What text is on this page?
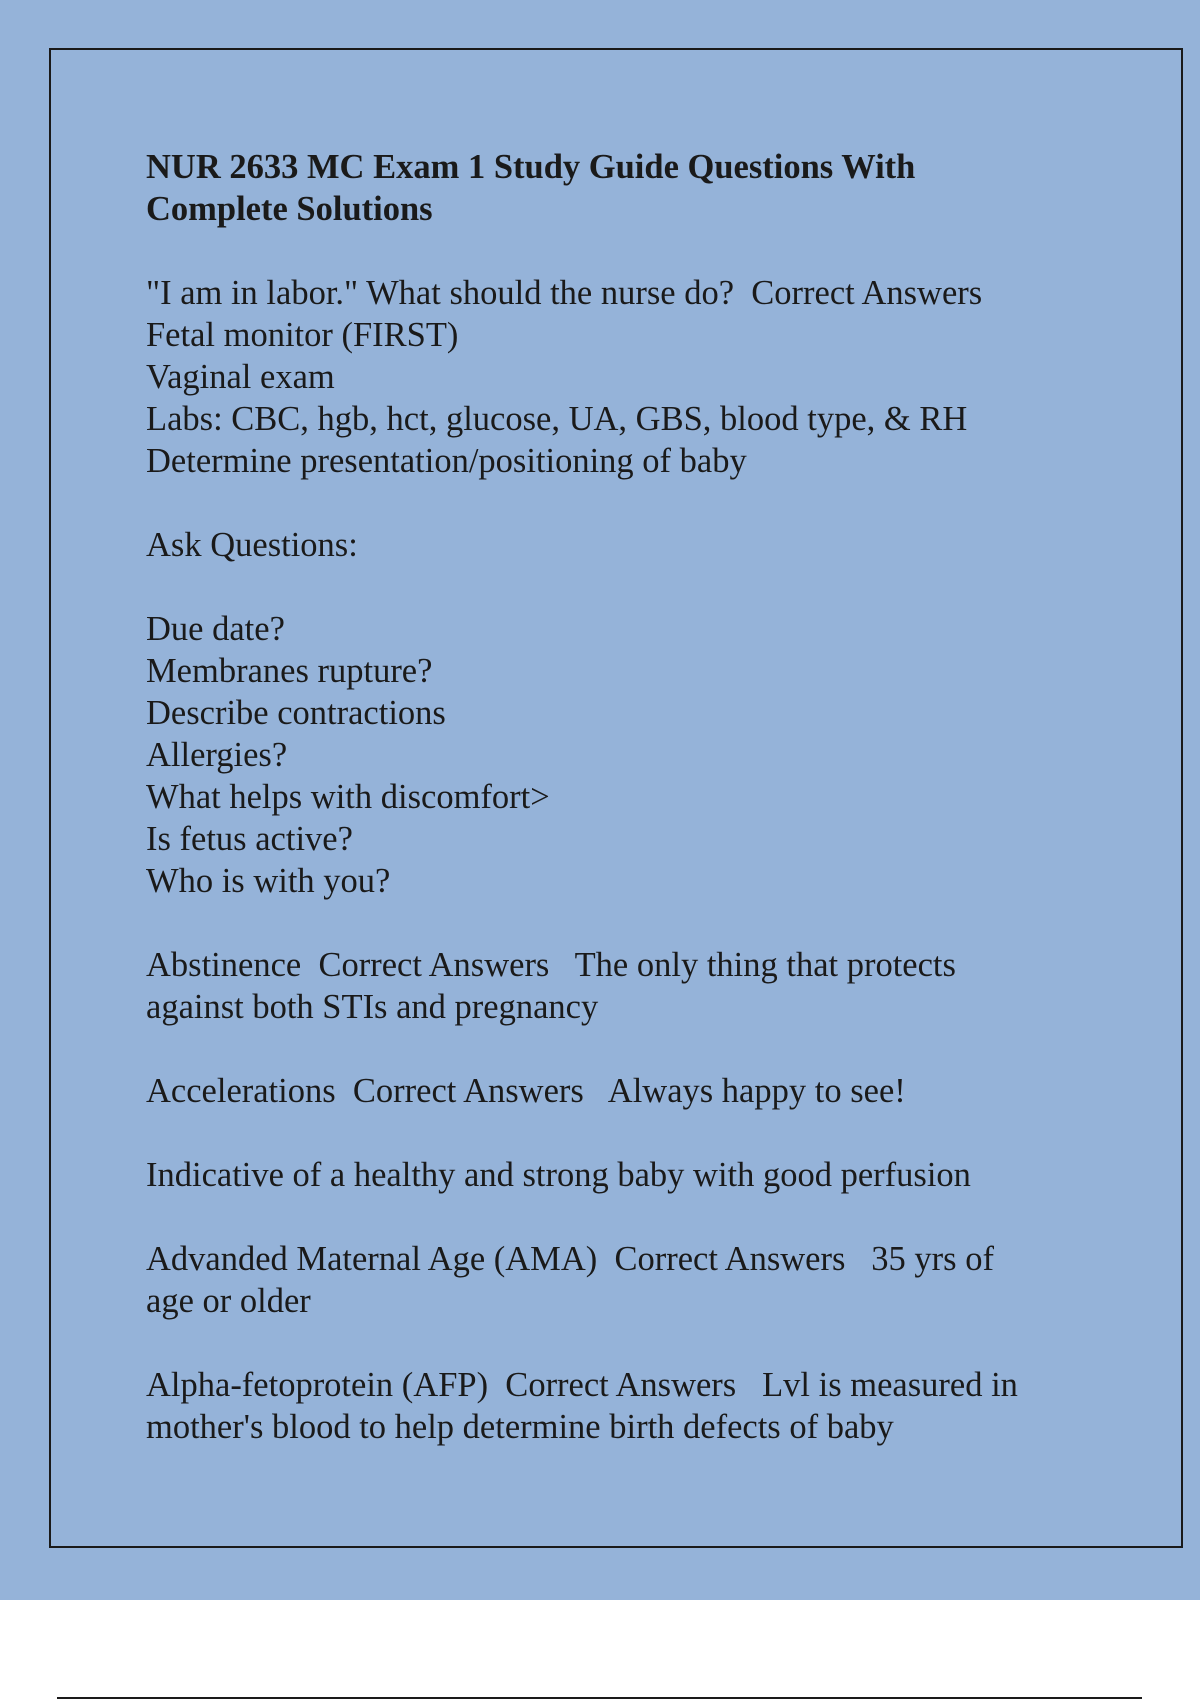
NUR 2633 MC Exam 1 Study Guide Questions With
Complete Solutions
"I am in labor." What should the nurse do?  Correct Answers
Fetal monitor (FIRST)
Vaginal exam
Labs: CBC, hgb, hct, glucose, UA, GBS, blood type, & RH
Determine presentation/positioning of baby
Ask Questions:
Due date?
Membranes rupture?
Describe contractions
Allergies?
What helps with discomfort>
Is fetus active?
Who is with you?
Abstinence  Correct Answers   The only thing that protects
against both STIs and pregnancy
Accelerations  Correct Answers   Always happy to see!
Indicative of a healthy and strong baby with good perfusion
Advanded Maternal Age (AMA)  Correct Answers   35 yrs of
age or older
Alpha-fetoprotein (AFP)  Correct Answers   Lvl is measured in
mother's blood to help determine birth defects of baby
